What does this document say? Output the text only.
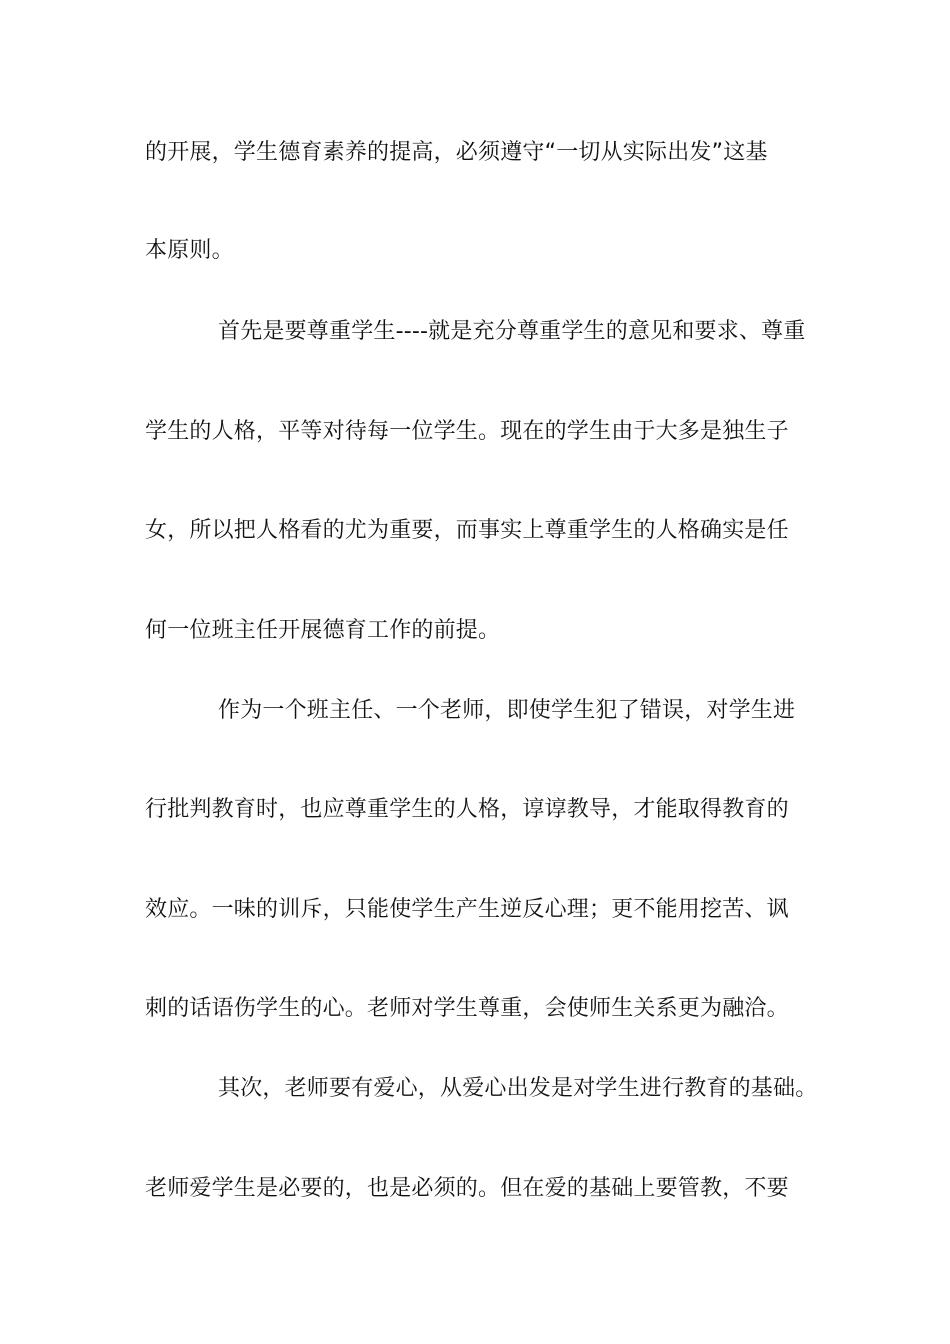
的开展，学生德育素养的提高，必须遵守“一切从实际出发”这基
本原则。
首先是要尊重学生----就是充分尊重学生的意见和要求、尊重
学生的人格，平等对待每一位学生。现在的学生由于大多是独生子
女，所以把人格看的尤为重要，而事实上尊重学生的人格确实是任
何一位班主任开展德育工作的前提。
作为一个班主任、一个老师，即使学生犯了错误，对学生进
行批判教育时，也应尊重学生的人格，谆谆教导，才能取得教育的
效应。一味的训斥，只能使学生产生逆反心理；更不能用挖苦、讽
刺的话语伤学生的心。老师对学生尊重，会使师生关系更为融洽。
其次，老师要有爱心，从爱心出发是对学生进行教育的基础。
老师爱学生是必要的，也是必须的。但在爱的基础上要管教，不要
